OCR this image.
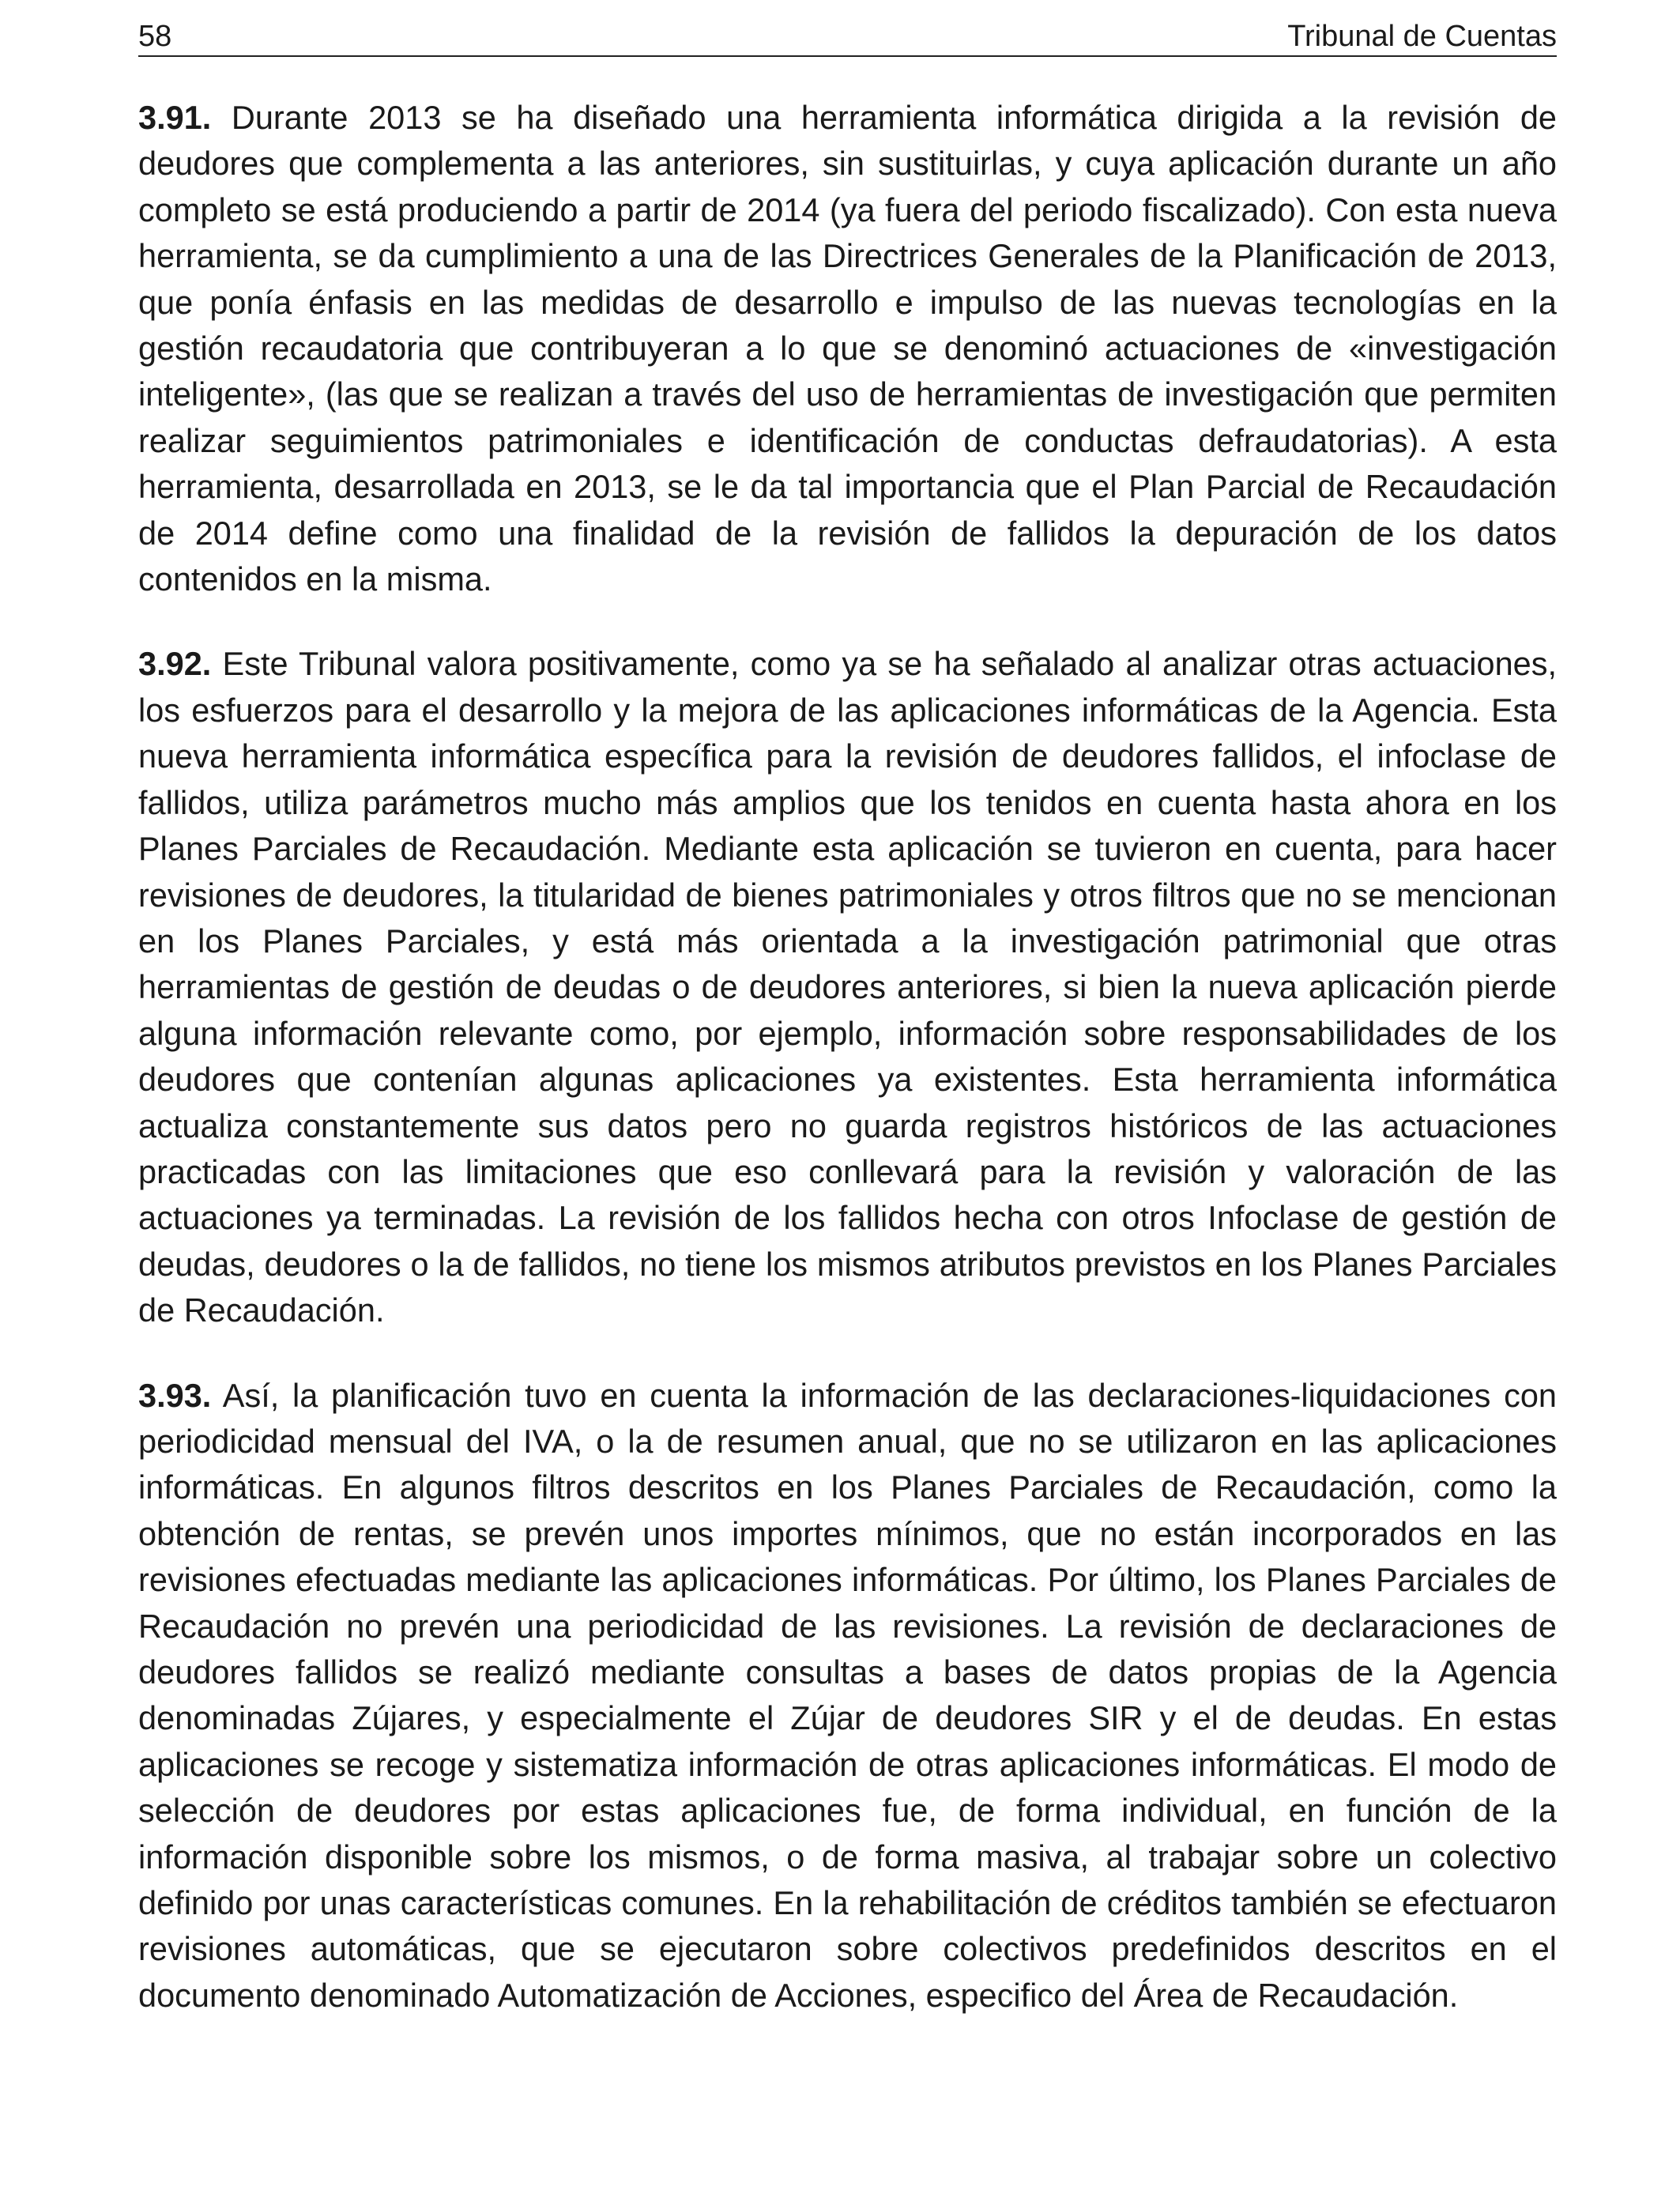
58	Tribunal de Cuentas

3.91. Durante 2013 se ha diseñado una herramienta informática dirigida a la revisión de deudores que complementa a las anteriores, sin sustituirlas, y cuya aplicación durante un año completo se está produciendo a partir de 2014 (ya fuera del periodo fiscalizado). Con esta nueva herramienta, se da cumplimiento a una de las Directrices Generales de la Planificación de 2013, que ponía énfasis en las medidas de desarrollo e impulso de las nuevas tecnologías en la gestión recaudatoria que contribuyeran a lo que se denominó actuaciones de «investigación inteligente», (las que se realizan a través del uso de herramientas de investigación que permiten realizar seguimientos patrimoniales e identificación de conductas defraudatorias). A esta herramienta, desarrollada en 2013, se le da tal importancia que el Plan Parcial de Recaudación de 2014 define como una finalidad de la revisión de fallidos la depuración de los datos contenidos en la misma.

3.92. Este Tribunal valora positivamente, como ya se ha señalado al analizar otras actuaciones, los esfuerzos para el desarrollo y la mejora de las aplicaciones informáticas de la Agencia. Esta nueva herramienta informática específica para la revisión de deudores fallidos, el infoclase de fallidos, utiliza parámetros mucho más amplios que los tenidos en cuenta hasta ahora en los Planes Parciales de Recaudación. Mediante esta aplicación se tuvieron en cuenta, para hacer revisiones de deudores, la titularidad de bienes patrimoniales y otros filtros que no se mencionan en los Planes Parciales, y está más orientada a la investigación patrimonial que otras herramientas de gestión de deudas o de deudores anteriores, si bien la nueva aplicación pierde alguna información relevante como, por ejemplo, información sobre responsabilidades de los deudores que contenían algunas aplicaciones ya existentes. Esta herramienta informática actualiza constantemente sus datos pero no guarda registros históricos de las actuaciones practicadas con las limitaciones que eso conllevará para la revisión y valoración de las actuaciones ya terminadas. La revisión de los fallidos hecha con otros Infoclase de gestión de deudas, deudores o la de fallidos, no tiene los mismos atributos previstos en los Planes Parciales de Recaudación.

3.93. Así, la planificación tuvo en cuenta la información de las declaraciones-liquidaciones con periodicidad mensual del IVA, o la de resumen anual, que no se utilizaron en las aplicaciones informáticas. En algunos filtros descritos en los Planes Parciales de Recaudación, como la obtención de rentas, se prevén unos importes mínimos, que no están incorporados en las revisiones efectuadas mediante las aplicaciones informáticas. Por último, los Planes Parciales de Recaudación no prevén una periodicidad de las revisiones. La revisión de declaraciones de deudores fallidos se realizó mediante consultas a bases de datos propias de la Agencia denominadas Zújares, y especialmente el Zújar de deudores SIR y el de deudas. En estas aplicaciones se recoge y sistematiza información de otras aplicaciones informáticas. El modo de selección de deudores por estas aplicaciones fue, de forma individual, en función de la información disponible sobre los mismos, o de forma masiva, al trabajar sobre un colectivo definido por unas características comunes. En la rehabilitación de créditos también se efectuaron revisiones automáticas, que se ejecutaron sobre colectivos predefinidos descritos en el documento denominado Automatización de Acciones, especifico del Área de Recaudación.
